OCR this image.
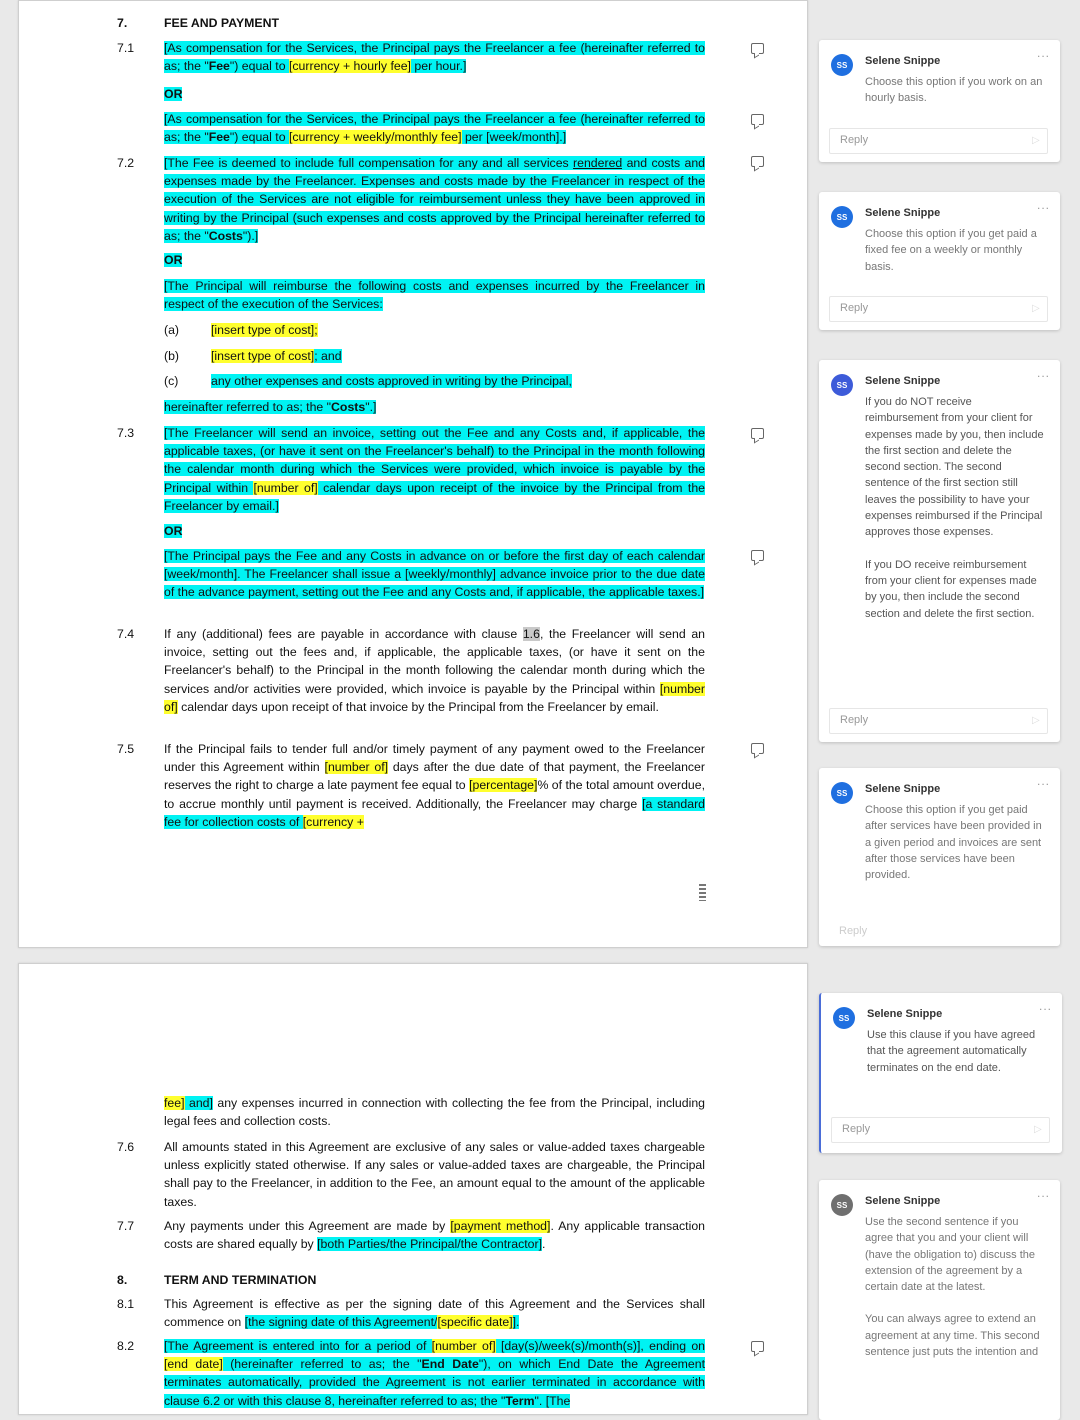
7.	FEE AND PAYMENT
7.1 [As compensation for the Services, the Principal pays the Freelancer a fee (hereinafter referred to as; the "Fee") equal to [currency + hourly fee] per hour.]
OR
[As compensation for the Services, the Principal pays the Freelancer a fee (hereinafter referred to as; the "Fee") equal to [currency + weekly/monthly fee] per [week/month].]
7.2 [The Fee is deemed to include full compensation for any and all services rendered and costs and expenses made by the Freelancer. Expenses and costs made by the Freelancer in respect of the execution of the Services are not eligible for reimbursement unless they have been approved in writing by the Principal (such expenses and costs approved by the Principal hereinafter referred to as; the "Costs").]
OR
[The Principal will reimburse the following costs and expenses incurred by the Freelancer in respect of the execution of the Services:
(a)	[insert type of cost];
(b)	[insert type of cost]; and
(c)	any other expenses and costs approved in writing by the Principal,
hereinafter referred to as; the "Costs".]
7.3 [The Freelancer will send an invoice, setting out the Fee and any Costs and, if applicable, the applicable taxes, (or have it sent on the Freelancer's behalf) to the Principal in the month following the calendar month during which the Services were provided, which invoice is payable by the Principal within [number of] calendar days upon receipt of the invoice by the Principal from the Freelancer by email.]
OR
[The Principal pays the Fee and any Costs in advance on or before the first day of each calendar [week/month]. The Freelancer shall issue a [weekly/monthly] advance invoice prior to the due date of the advance payment, setting out the Fee and any Costs and, if applicable, the applicable taxes.]
7.4 If any (additional) fees are payable in accordance with clause 1.6, the Freelancer will send an invoice, setting out the fees and, if applicable, the applicable taxes, (or have it sent on the Freelancer's behalf) to the Principal in the month following the calendar month during which the services and/or activities were provided, which invoice is payable by the Principal within [number of] calendar days upon receipt of that invoice by the Principal from the Freelancer by email.
7.5 If the Principal fails to tender full and/or timely payment of any payment owed to the Freelancer under this Agreement within [number of] days after the due date of that payment, the Freelancer reserves the right to charge a late payment fee equal to [percentage]% of the total amount overdue, to accrue monthly until payment is received. Additionally, the Freelancer may charge [a standard fee for collection costs of [currency +
fee] and] any expenses incurred in connection with collecting the fee from the Principal, including legal fees and collection costs.
7.6 All amounts stated in this Agreement are exclusive of any sales or value-added taxes chargeable unless explicitly stated otherwise. If any sales or value-added taxes are chargeable, the Principal shall pay to the Freelancer, in addition to the Fee, an amount equal to the amount of the applicable taxes.
7.7 Any payments under this Agreement are made by [payment method]. Any applicable transaction costs are shared equally by [both Parties/the Principal/the Contractor].
8.	TERM AND TERMINATION
8.1 This Agreement is effective as per the signing date of this Agreement and the Services shall commence on [the signing date of this Agreement/[specific date]].
8.2 [The Agreement is entered into for a period of [number of] [day(s)/week(s)/month(s)], ending on [end date] (hereinafter referred to as; the "End Date"), on which End Date the Agreement terminates automatically, provided the Agreement is not earlier terminated in accordance with clause 6.2 or with this clause 8, hereinafter referred to as; the "Term". [The
SS	Selene Snippe
...

Choose this option if you work on an hourly basis.

Reply	▷
SS	Selene Snippe
...

Choose this option if you get paid a fixed fee on a weekly or monthly basis.

Reply	▷
SS	Selene Snippe
...

If you do NOT receive reimbursement from your client for expenses made by you, then include the first section and delete the second section. The second sentence of the first section still leaves the possibility to have your expenses reimbursed if the Principal approves those expenses.

If you DO receive reimbursement from your client for expenses made by you, then include the second section and delete the first section.

Reply	▷
SS	Selene Snippe
...

Choose this option if you get paid after services have been provided in a given period and invoices are sent after those services have been provided.

Reply
SS	Selene Snippe
...

Use this clause if you have agreed that the agreement automatically terminates on the end date.

Reply	▷
SS	Selene Snippe
...

Use the second sentence if you agree that you and your client will (have the obligation to) discuss the extension of the agreement by a certain date at the latest.

You can always agree to extend an agreement at any time. This second sentence just puts the intention and
